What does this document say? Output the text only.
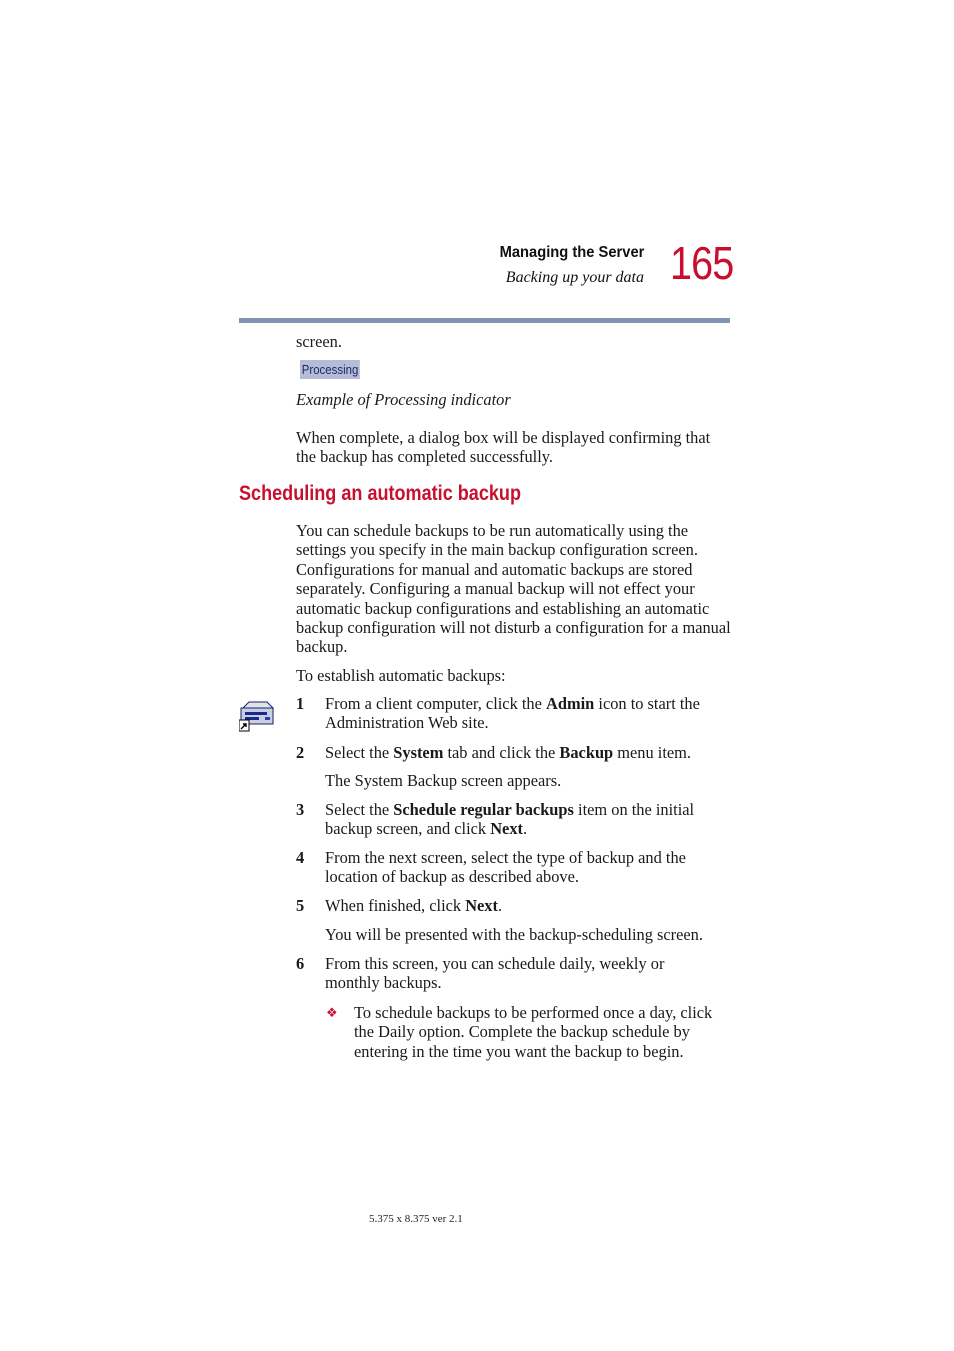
Managing the Server
Backing up your data 165
screen.
Processing
Example of Processing indicator
When complete, a dialog box will be displayed confirming that the backup has completed successfully.
Scheduling an automatic backup
You can schedule backups to be run automatically using the settings you specify in the main backup configuration screen. Configurations for manual and automatic backups are stored separately. Configuring a manual backup will not effect your automatic backup configurations and establishing an automatic backup configuration will not disturb a configuration for a manual backup.
To establish automatic backups:
1 From a client computer, click the Admin icon to start the Administration Web site.
2 Select the System tab and click the Backup menu item.
The System Backup screen appears.
3 Select the Schedule regular backups item on the initial backup screen, and click Next.
4 From the next screen, select the type of backup and the location of backup as described above.
5 When finished, click Next.
You will be presented with the backup-scheduling screen.
6 From this screen, you can schedule daily, weekly or monthly backups.
❖ To schedule backups to be performed once a day, click the Daily option. Complete the backup schedule by entering in the time you want the backup to begin.
5.375 x 8.375 ver 2.1
